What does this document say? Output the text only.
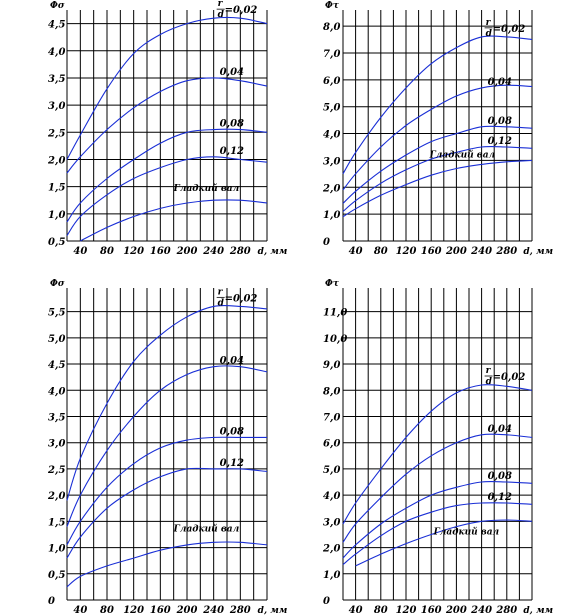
0,5
1,0
1,5
2,0
2,5
3,0
3,5
4,0
4,5
40 80 120 160 200 240 280 d, мм
Φσ	r
d =0,02
0,04
0,08
0,12
Гладкий вал
0
1,0
2,0
3,0
4,0
5,0
6,0
7,0
8,0
40 80 120 160 200 240 280 d, мм
Φτ
r
d =0,02
0,04
0,08
0,12
Гладкий вал
0
0,5
1,0
1,5
2,0
2,5
3,0
3,5
4,0
4,5
5,0
5,5
40 80 120 160 200 240 280 d, мм
Φσ
r
d =0,02
0,04
0,08
0,12
Гладкий вал
0
1,0
2,0
3,0
4,0
5,0
6,0
7,0
8,0
9,0
10,0
11,0
40 80 120 160 200 240 280 d, мм
Φτ
r
d =0,02
0,04
0,08
0,12
Гладкий вал
